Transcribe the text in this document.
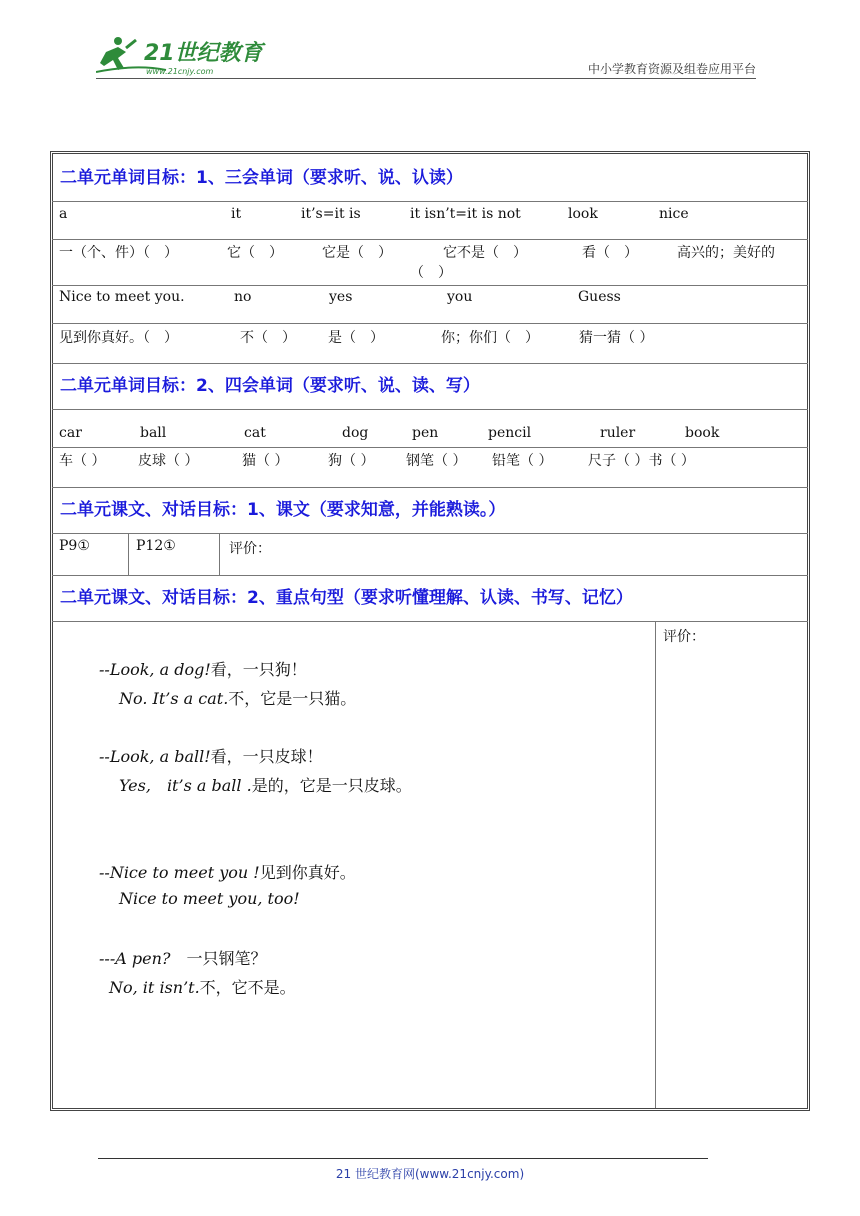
21世纪教育
www.21cnjy.com	中小学教育资源及组卷应用平台
二单元单词目标：1、三会单词（要求听、说、认读）
a	it	it’s=it is	it isn’t=it is not	look	nice
一（个、件）（　）	它（　）	它是（　）	它不是（　）	看（　）	高兴的；美好的
（　）
Nice to meet you.	no	yes	you	Guess
见到你真好。（　）	不（　） 是（　）	你；你们（　）	猜一猜（ ）
二单元单词目标：2、四会单词（要求听、说、读、写）
car	ball	cat	dog	pen	pencil	ruler	book
车（ ） 皮球（ ）	猫（ ）	狗（ ） 钢笔（ ） 铅笔（ ）	尺子（ ）书（ ）
二单元课文、对话目标：1、课文（要求知意，并能熟读。）
P9①	P12①	评价：
二单元课文、对话目标：2、重点句型（要求听懂理解、认读、书写、记忆）
评价：
--Look, a dog!看，一只狗！
No. It’s a cat.不，它是一只猫。
--Look, a ball!看，一只皮球！
Yes,　it’s a ball .是的，它是一只皮球。
--Nice to meet you !见到你真好。
Nice to meet you, too!
---A pen?　一只钢笔？
No, it isn’t.不，它不是。
21 世纪教育网(www.21cnjy.com)
